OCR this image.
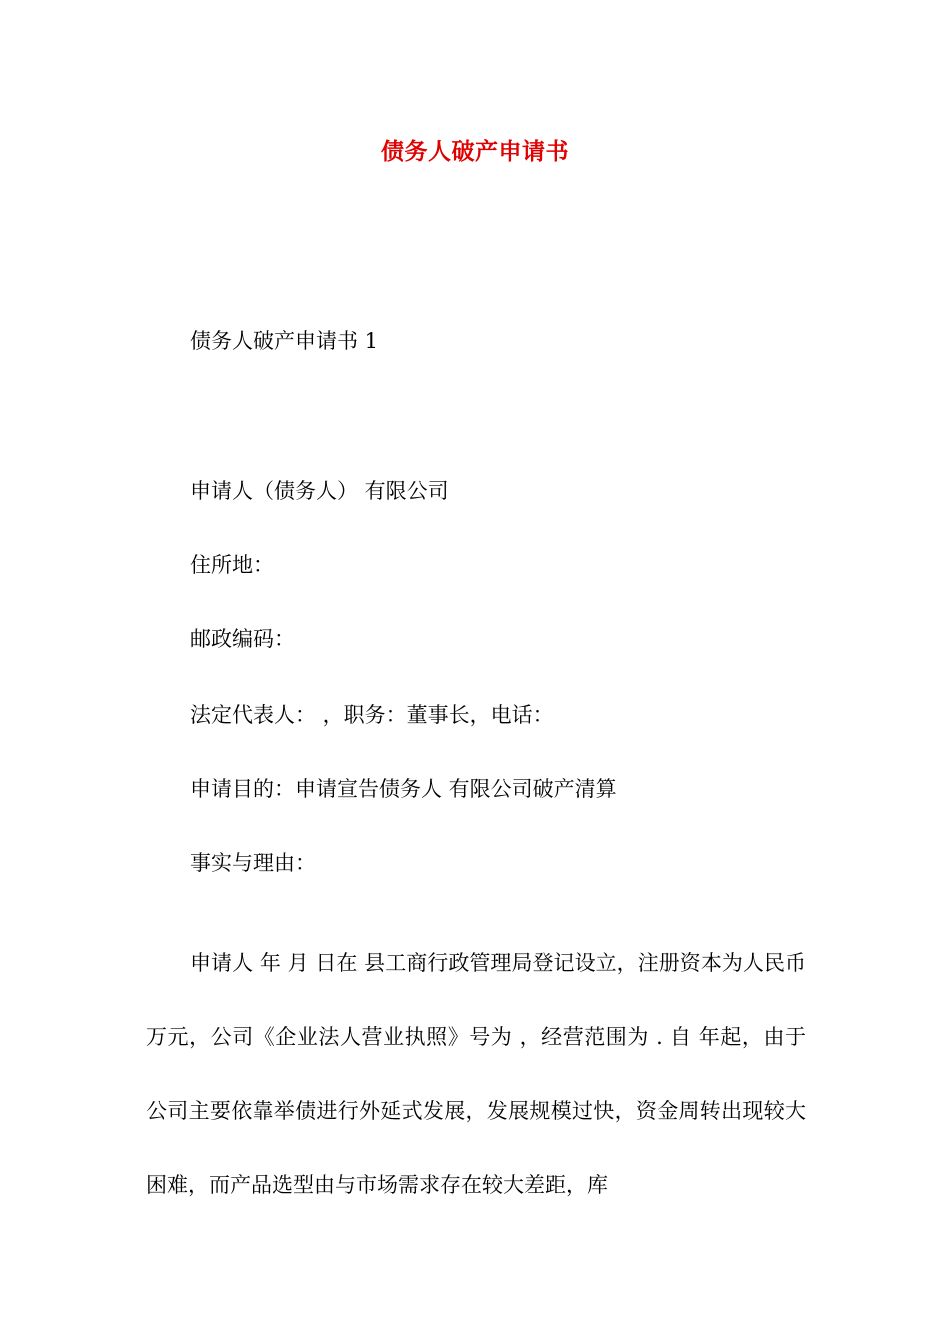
债务人破产申请书
债务人破产申请书 1
申请人（债务人） 有限公司
住所地：
邮政编码：
法定代表人： ，职务：董事长，电话：
申请目的：申请宣告债务人 有限公司破产清算
事实与理由：

申请人 年 月 日在 县工商行政管理局登记设立，注册资本为人民币 万元，公司《企业法人营业执照》号为 ，经营范围为 . 自 年起，由于公司主要依靠举债进行外延式发展，发展规模过快，资金周转出现较大困难，而产品选型由与市场需求存在较大差距，库
